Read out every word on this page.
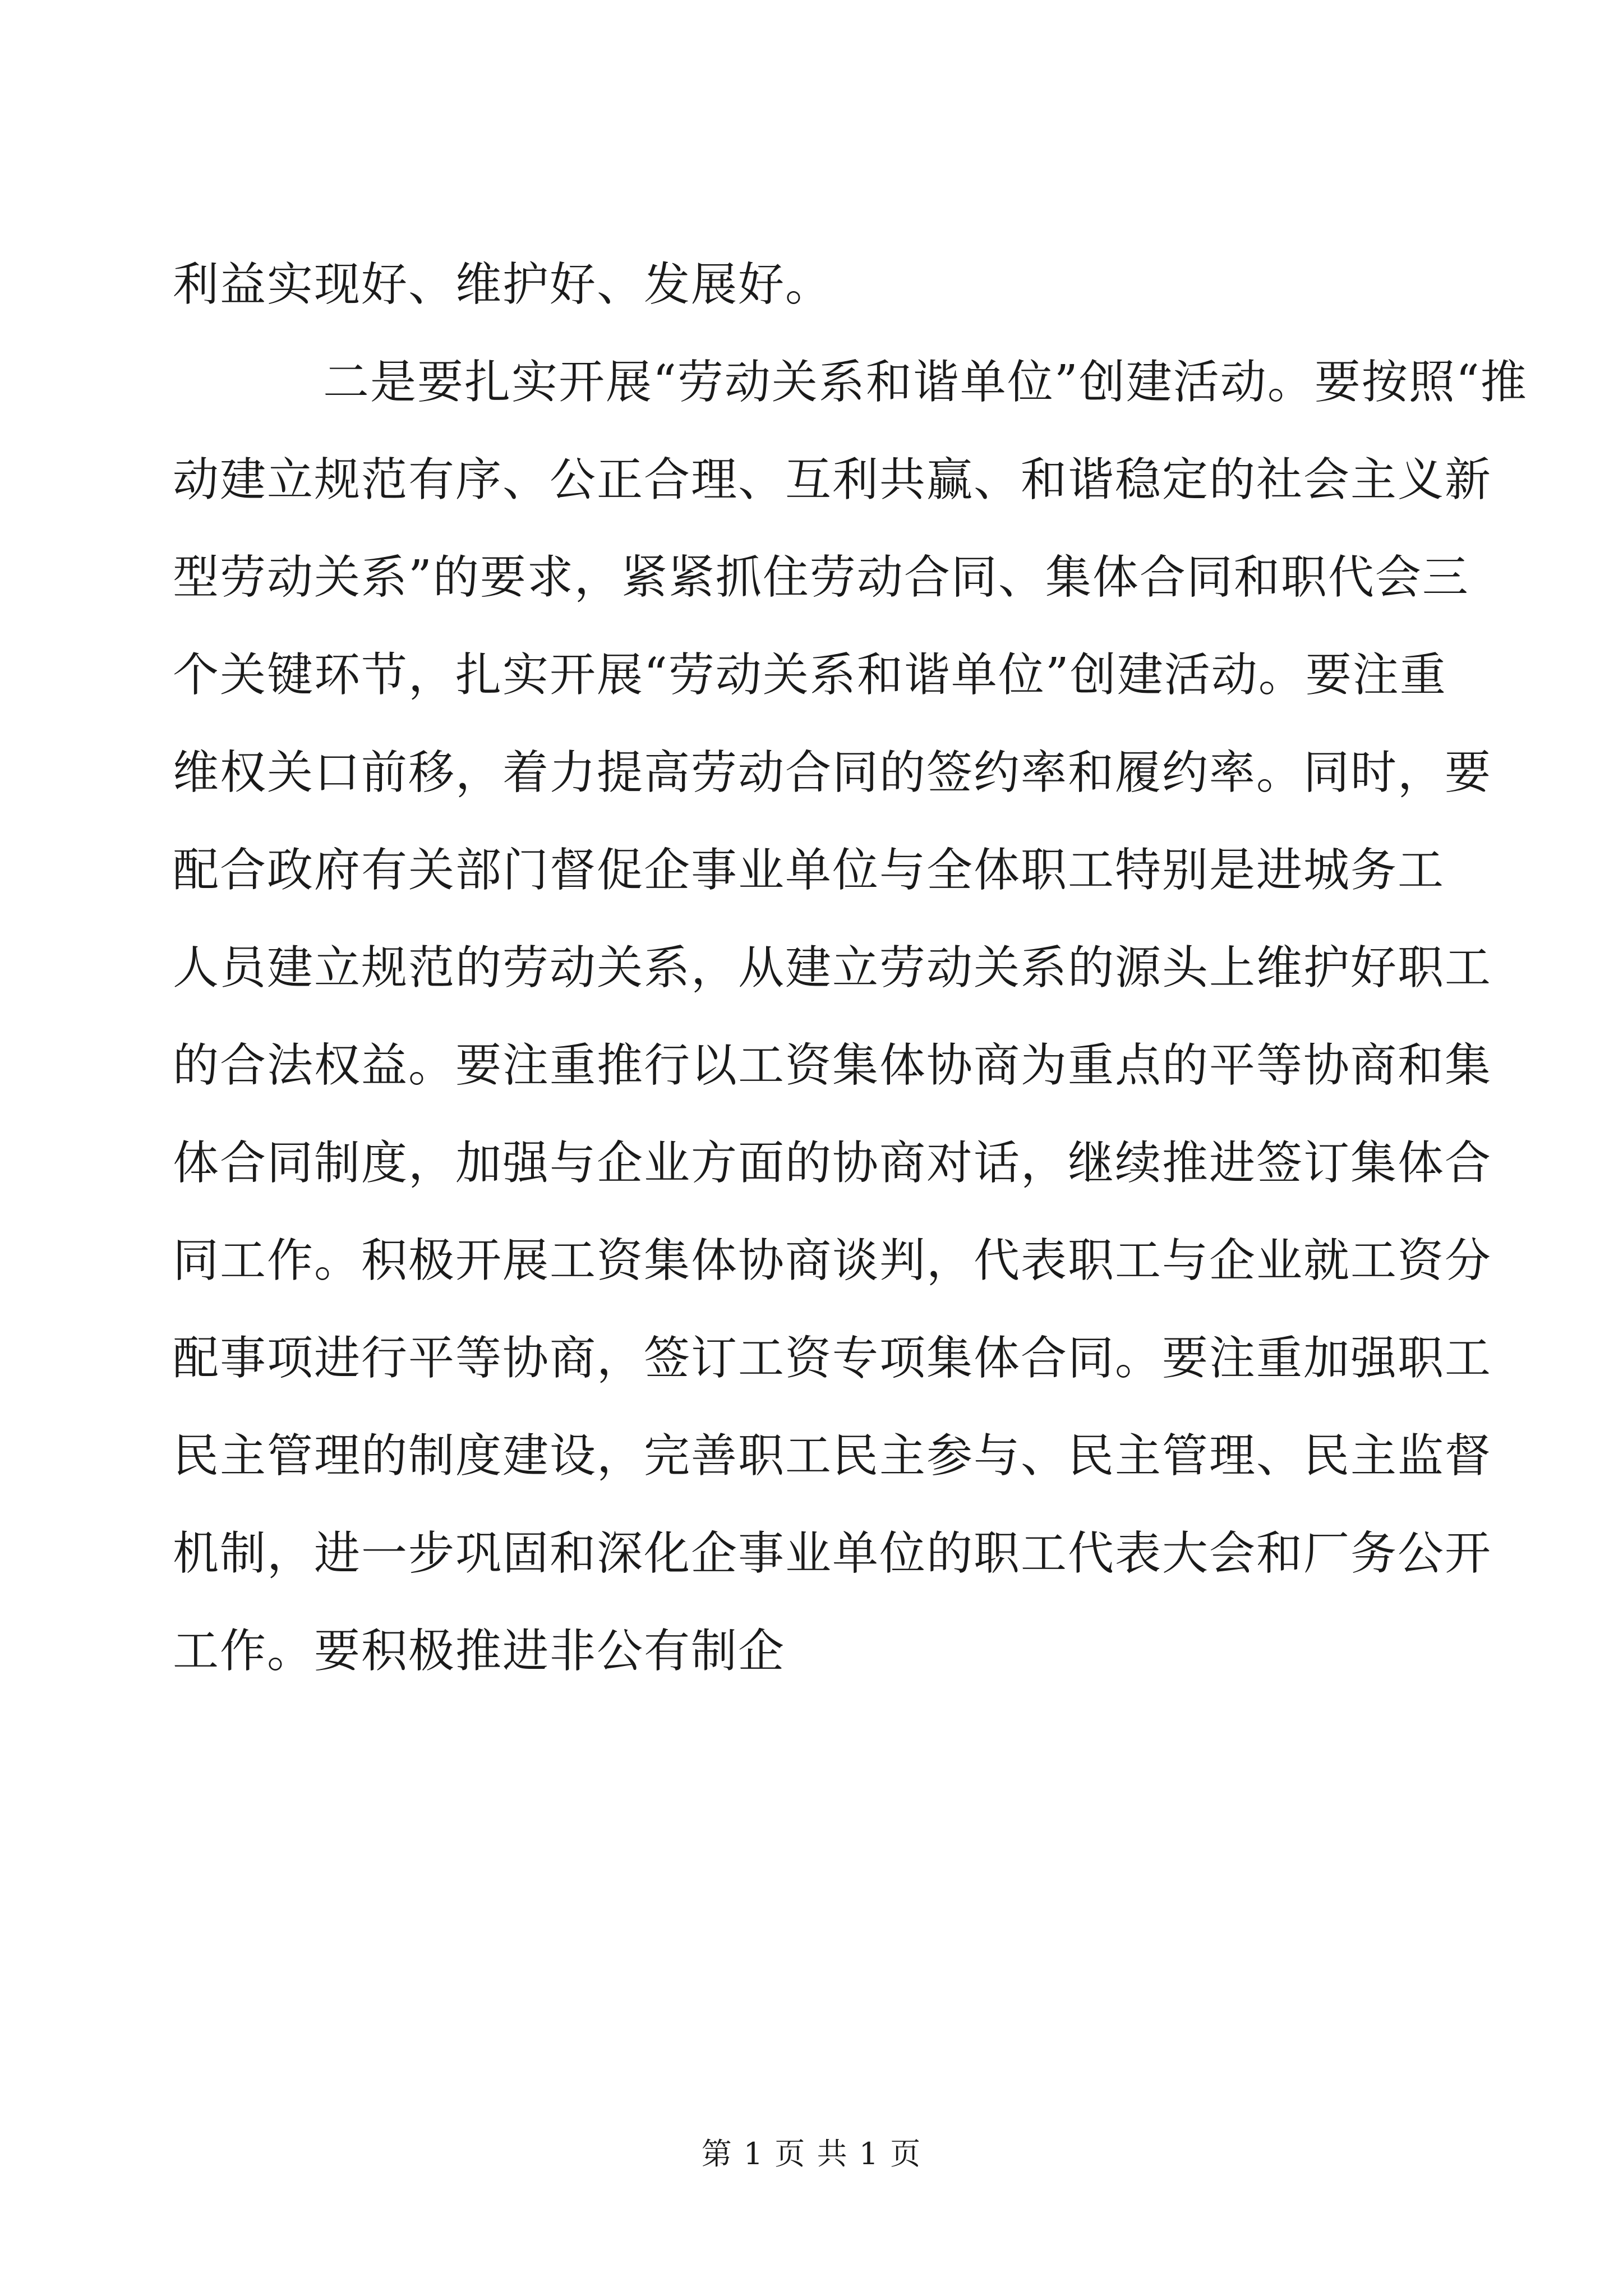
利益实现好、维护好、发展好。
二是要扎实开展“劳动关系和谐单位”创建活动。要按照“推
动建立规范有序、公正合理、互利共赢、和谐稳定的社会主义新
型劳动关系”的要求，紧紧抓住劳动合同、集体合同和职代会三
个关键环节，扎实开展“劳动关系和谐单位”创建活动。要注重
维权关口前移，着力提高劳动合同的签约率和履约率。同时，要
配合政府有关部门督促企事业单位与全体职工特别是进城务工
人员建立规范的劳动关系，从建立劳动关系的源头上维护好职工
的合法权益。要注重推行以工资集体协商为重点的平等协商和集
体合同制度，加强与企业方面的协商对话，继续推进签订集体合
同工作。积极开展工资集体协商谈判，代表职工与企业就工资分
配事项进行平等协商，签订工资专项集体合同。要注重加强职工
民主管理的制度建设，完善职工民主参与、民主管理、民主监督
机制，进一步巩固和深化企事业单位的职工代表大会和厂务公开
工作。要积极推进非公有制企
第 1 页 共 1 页
